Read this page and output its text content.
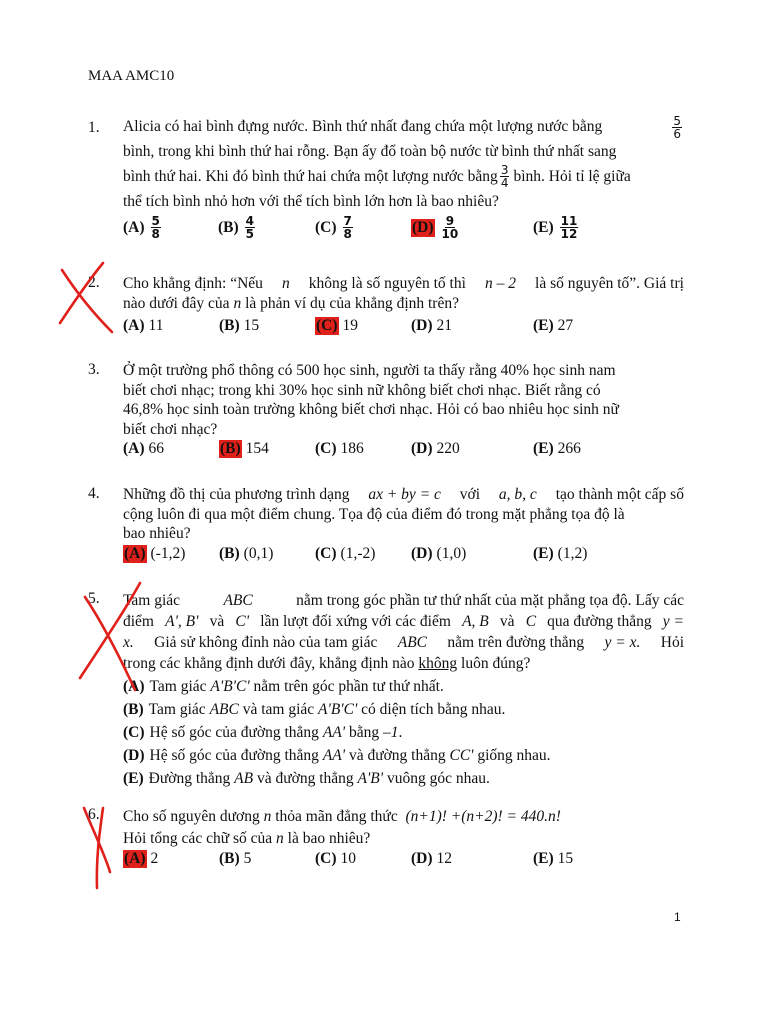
MAA AMC10
1.	Alicia có hai bình đựng nước. Bình thứ nhất đang chứa một lượng nước bằng	$\frac{5}{6}$
bình, trong khi bình thứ hai rỗng. Bạn ấy đổ toàn bộ nước từ bình thứ nhất sang
bình thứ hai. Khi đó bình thứ hai chứa một lượng nước bằng $\frac{3}{4}$ bình. Hỏi tỉ lệ giữa
thể tích bình nhỏ hơn với thể tích bình lớn hơn là bao nhiêu?
$(A) \frac{5}{8}$	$(B) \frac{4}{5}$	$(C) \frac{7}{8}$	$(D) \frac{9}{10}$	$(E) \frac{11}{12}$
2.	Cho khẳng định: “Nếu n không là số nguyên tố thì n – 2 là số nguyên tố”. Giá trị
nào dưới đây của
n
là phản ví dụ của khẳng định trên?
(A) 11	(B) 15	(C) 19	(D) 21	(E) 27
3.	Ở một trường phổ thông có 500 học sinh, người ta thấy rằng 40% học sinh nam
biết chơi nhạc; trong khi 30% học sinh nữ không biết chơi nhạc. Biết rằng có
46,8% học sinh toàn trường không biết chơi nhạc. Hỏi có bao nhiêu học sinh nữ
biết chơi nhạc?
(A) 66	(B) 154	(C) 186	(D) 220	(E) 266
4.	Những đồ thị của phương trình dạng ax + by = c với a, b, c tạo thành một cấp số
cộng luôn đi qua một điểm chung. Tọa độ của điểm đó trong mặt phẳng tọa độ là
bao nhiêu?
(A) (-1,2) (B) (0,1)	(C) (1,-2) (D) (1,0)	(E) (1,2)
5.	Tam giác	ABC	nằm trong góc phần tư thứ nhất của mặt phẳng tọa độ. Lấy các
điểm A', B' và C' lần lượt đối xứng với các điểm A, B và C qua đường thẳng y =
x. Giả sử không đỉnh nào của tam giác ABC nằm trên đường thẳng y = x. Hỏi
trong các khẳng định dưới đây, khẳng định nào
không
luôn đúng?
(A) Tam giác
A'B'C'
nằm trên góc phần tư thứ nhất.
(B) Tam giác
ABC
và tam giác
A'B'C'
có diện tích bằng nhau.
(C) Hệ số góc của đường thẳng
AA'
bằng
–1 .
(D) Hệ số góc của đường thẳng
AA'
và đường thẳng
CC'
giống nhau.
(E) Đường thẳng
AB
và đường thẳng
A'B'
vuông góc nhau.
6.	Cho số nguyên dương
n
thỏa mãn đẳng thức
(n+1)! +(n+2)! = 440.n!
Hỏi tổng các chữ số của
n
là bao nhiêu?
(A) 2	(B) 5	(C) 10	(D) 12	(E) 15
1
